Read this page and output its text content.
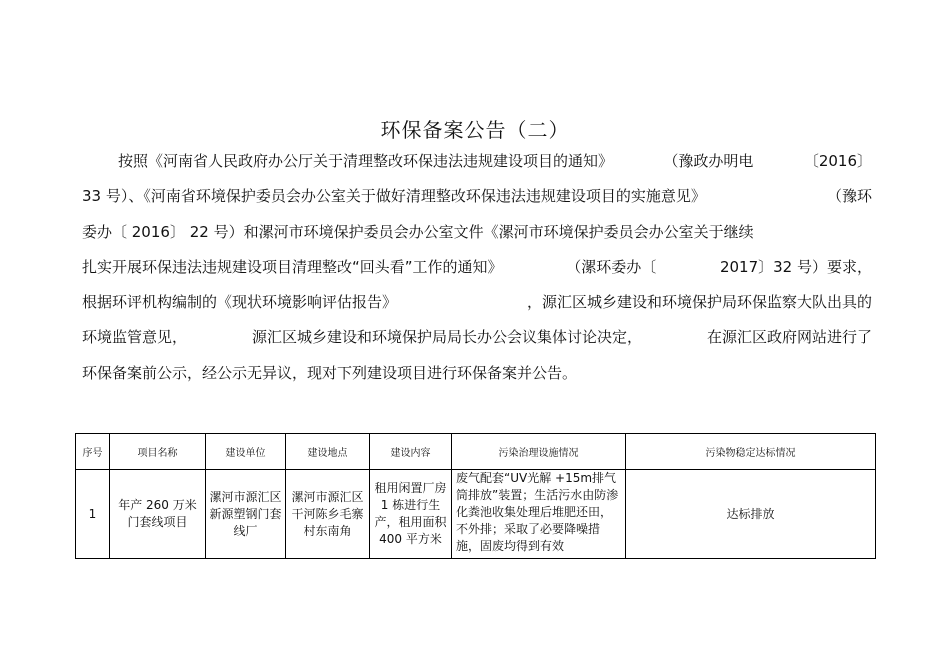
环保备案公告（二）
按照《河南省人民政府办公厅关于清理整改环保违法违规建设项目的通知》	（豫政办明电	〔2016〕
33 号）、《河南省环境保护委员会办公室关于做好清理整改环保违法违规建设项目的实施意见》	（豫环
委办〔 2016〕 22 号）和漯河市环境保护委员会办公室文件《漯河市环境保护委员会办公室关于继续
扎实开展环保违法违规建设项目清理整改“回头看”工作的通知》	（漯环委办〔	2017〕32 号）要求，
根据环评机构编制的《现状环境影响评估报告》	，源汇区城乡建设和环境保护局环保监察大队出具的
环境监管意见，	源汇区城乡建设和环境保护局局长办公会议集体讨论决定，	在源汇区政府网站进行了
环保备案前公示，经公示无异议，现对下列建设项目进行环保备案并公告。
序号	项目名称	建设单位	建设地点	建设内容	污染治理设施情况	污染物稳定达标情况
1	年产 260 万米门套线项目	漯河市源汇区新源塑钢门套线厂	漯河市源汇区干河陈乡毛寨村东南角	租用闲置厂房 1 栋进行生产，租用面积 400 平方米	废气配套“UV光解 +15m排气筒排放”装置；生活污水由防渗化粪池收集处理后堆肥还田，不外排；采取了必要降噪措施，固废均得到有效	达标排放
